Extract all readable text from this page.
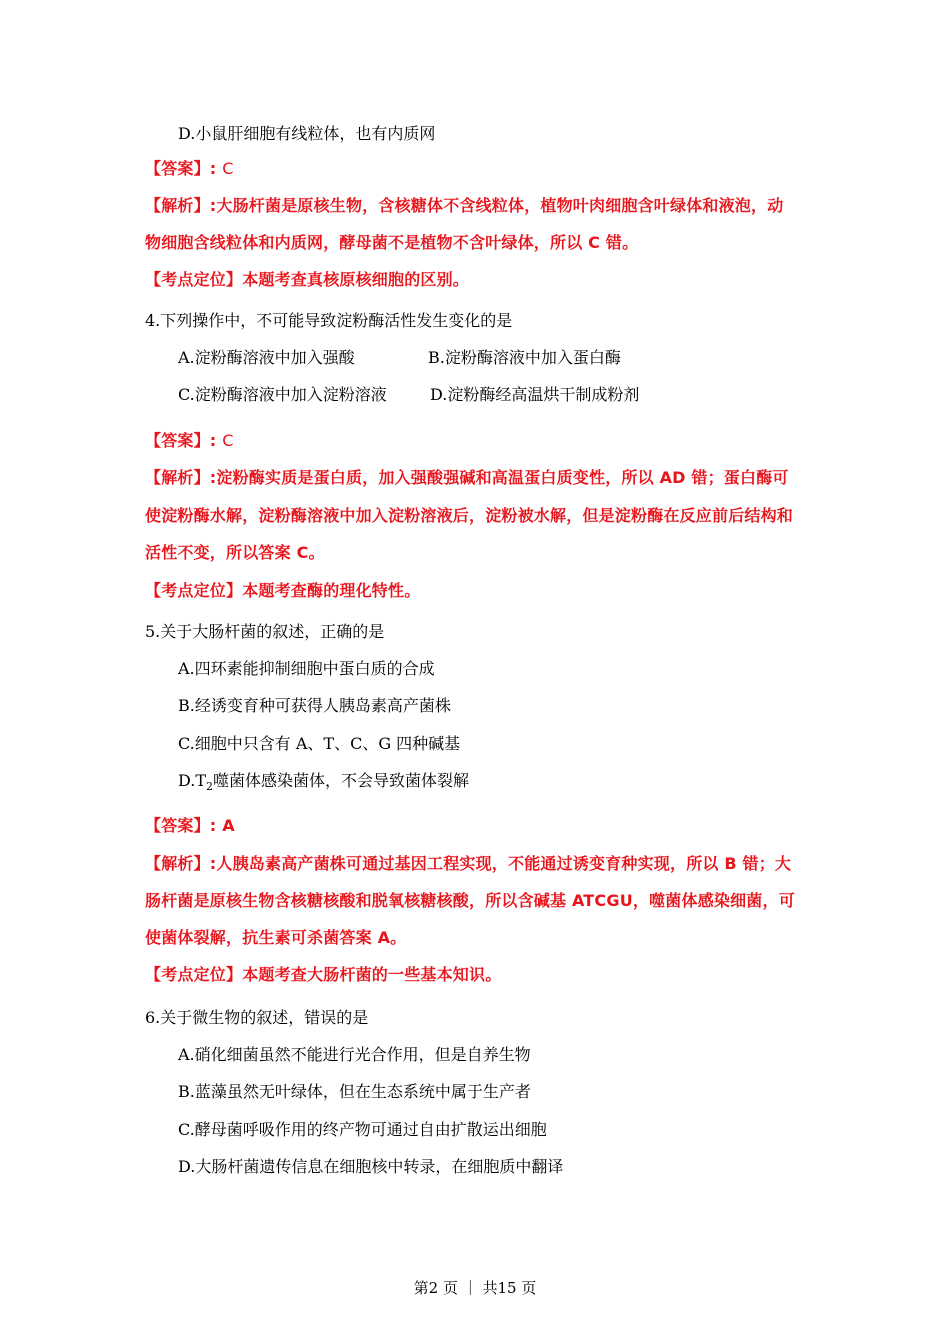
D.小鼠肝细胞有线粒体，也有内质网
【答案】: C
【解析】:大肠杆菌是原核生物，含核糖体不含线粒体，植物叶肉细胞含叶绿体和液泡，动
物细胞含线粒体和内质网，酵母菌不是植物不含叶绿体，所以 C 错。
【考点定位】本题考查真核原核细胞的区别。
4.下列操作中，不可能导致淀粉酶活性发生变化的是
A.淀粉酶溶液中加入强酸	B.淀粉酶溶液中加入蛋白酶
C.淀粉酶溶液中加入淀粉溶液	D.淀粉酶经高温烘干制成粉剂
【答案】: C
【解析】:淀粉酶实质是蛋白质，加入强酸强碱和高温蛋白质变性，所以 AD 错；蛋白酶可
使淀粉酶水解，淀粉酶溶液中加入淀粉溶液后，淀粉被水解，但是淀粉酶在反应前后结构和
活性不变，所以答案 C。
【考点定位】本题考查酶的理化特性。
5.关于大肠杆菌的叙述，正确的是
A.四环素能抑制细胞中蛋白质的合成
B.经诱变育种可获得人胰岛素高产菌株
C.细胞中只含有 A、T、C、G 四种碱基
$D.T_2$噬菌体感染菌体，不会导致菌体裂解
【答案】: A
【解析】:人胰岛素高产菌株可通过基因工程实现，不能通过诱变育种实现，所以 B 错；大
肠杆菌是原核生物含核糖核酸和脱氧核糖核酸，所以含碱基 ATCGU，噬菌体感染细菌，可
使菌体裂解，抗生素可杀菌答案 A。
【考点定位】本题考查大肠杆菌的一些基本知识。
6.关于微生物的叙述，错误的是
A.硝化细菌虽然不能进行光合作用，但是自养生物
B.蓝藻虽然无叶绿体，但在生态系统中属于生产者
C.酵母菌呼吸作用的终产物可通过自由扩散运出细胞
D.大肠杆菌遗传信息在细胞核中转录，在细胞质中翻译
第2 页 ｜ 共15 页
